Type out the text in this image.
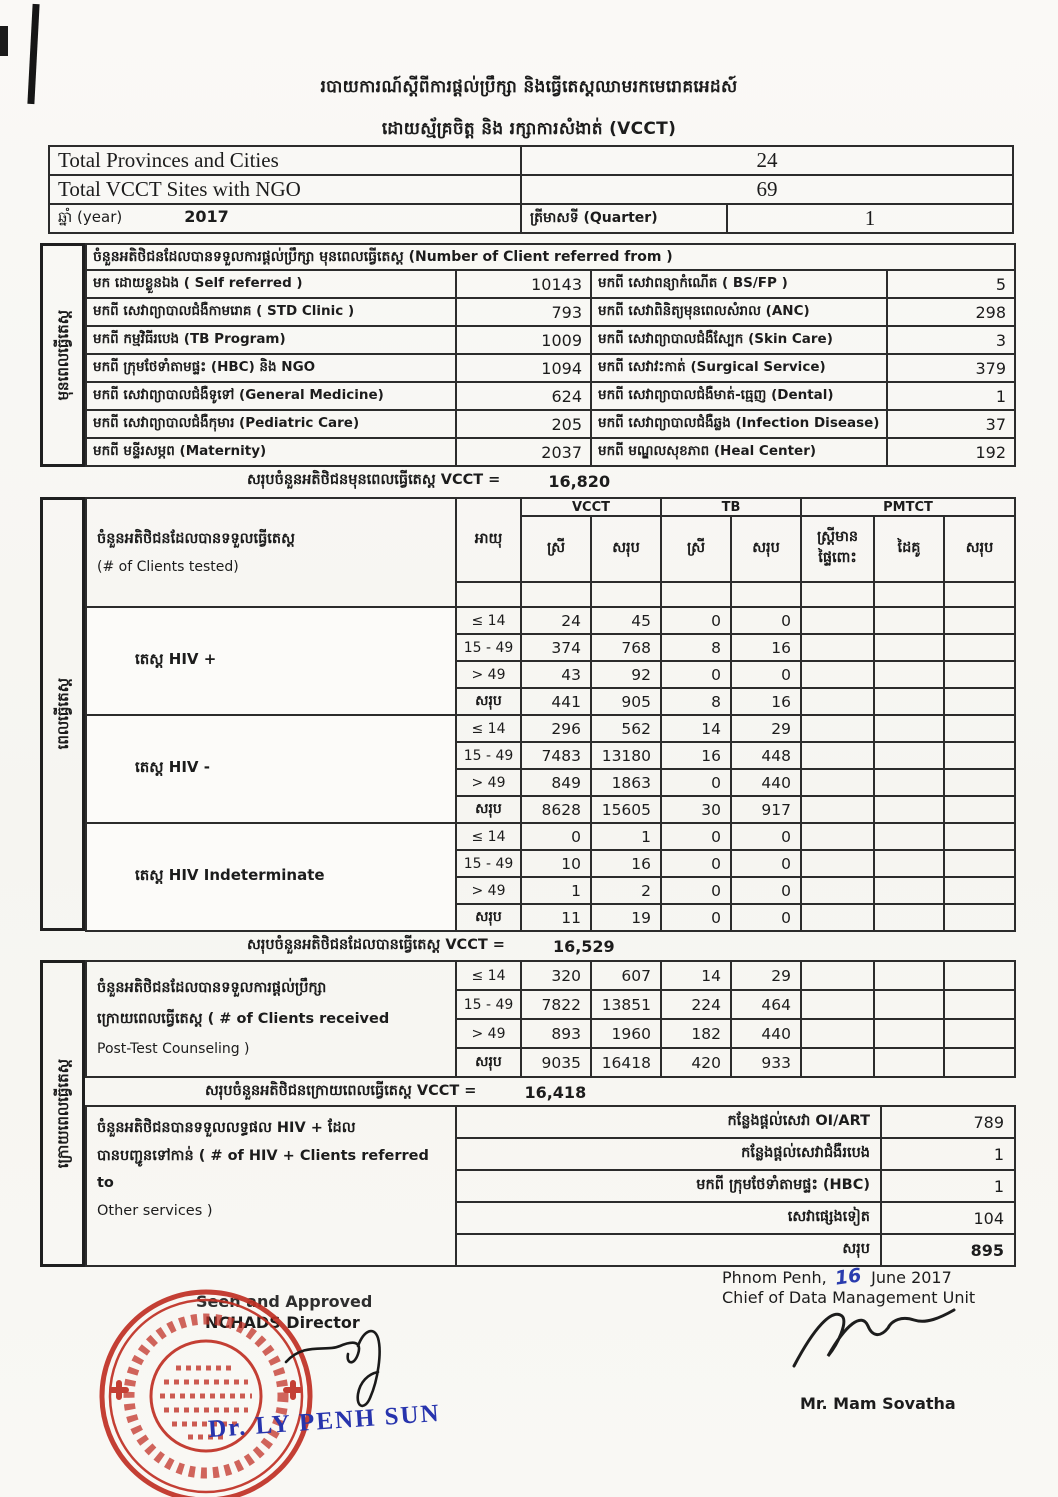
របាយការណ៍ស្តីពីការផ្តល់ប្រឹក្សា និងធ្វើតេស្តឈាមរកមេរោគអេដស៍
ដោយស្ម័គ្រចិត្ត និង រក្សាការសំងាត់ (VCCT)
Total Provinces and Cities	24	
Total VCCT Sites with NGO	69	
ឆ្នាំ (year) 2017	ត្រីមាសទី (Quarter)	1
មុនពេលធ្វើតេស្ត
ពេលធ្វើតេស្ត
ក្រោយពេលធ្វើតេស្ត
ចំនួនអតិថិជនដែលបានទទួលការផ្តល់ប្រឹក្សា មុនពេលធ្វើតេស្ត (Number of Client referred from )			
មក ដោយខ្លួនឯង ( Self referred )	10143	មកពី សេវាពន្យាកំណើត ( BS/FP )	5
មកពី សេវាព្យាបាលជំងឺកាមរោគ ( STD Clinic )	793	មកពី សេវាពិនិត្យមុនពេលសំរាល (ANC)	298
មកពី កម្មវិធីរបេង (TB Program)	1009	មកពី សេវាព្យាបាលជំងឺស្បែក (Skin Care)	3
មកពី ក្រុមថែទាំតាមផ្ទះ (HBC) និង NGO	1094	មកពី សេវាវះកាត់ (Surgical Service)	379
មកពី សេវាព្យាបាលជំងឺទូទៅ (General Medicine)	624	មកពី សេវាព្យាបាលជំងឺមាត់-ធ្មេញ (Dental)	1
មកពី សេវាព្យាបាលជំងឺកុមារ (Pediatric Care)	205	មកពី សេវាព្យាបាលជំងឺឆ្លង (Infection Disease)	37
មកពី មន្ទីរសម្ភព (Maternity)	2037	មកពី មណ្ឌលសុខភាព (Heal Center)	192
សរុបចំនួនអតិថិជនមុនពេលធ្វើតេស្ត VCCT =	16,820
ចំនួនអតិថិជនដែលបានទទួលធ្វើតេស្ត
(# of Clients tested)	អាយុ	VCCT		TB		PMTCT		
		ស្រី	សរុប	ស្រី	សរុប	ស្ត្រីមាន ផ្ទៃពោះ	ដៃគូ	សរុប

តេស្ត HIV +	≤ 14	24	45	0	0			
	15 - 49	374	768	8	16			
	> 49	43	92	0	0			
	សរុប	441	905	8	16			
តេស្ត HIV -	≤ 14	296	562	14	29			
	15 - 49	7483	13180	16	448			
	> 49	849	1863	0	440			
	សរុប	8628	15605	30	917			
តេស្ត HIV Indeterminate	≤ 14	0	1	0	0			
	15 - 49	10	16	0	0			
	> 49	1	2	0	0			
	សរុប	11	19	0	0			
សរុបចំនួនអតិថិជនដែលបានធ្វើតេស្ត VCCT =	16,529
ចំនួនអតិថិជនដែលបានទទួលការផ្តល់ប្រឹក្សា
ក្រោយពេលធ្វើតេស្ត ( # of Clients received
Post-Test Counseling )	≤ 14	320	607	14	29			
	15 - 49	7822	13851	224	464			
	> 49	893	1960	182	440			
	សរុប	9035	16418	420	933			
សរុបចំនួនអតិថិជនក្រោយពេលធ្វើតេស្ត VCCT =	16,418
ចំនួនអតិថិជនបានទទួលលទ្ធផល HIV + ដែល
បានបញ្ជូនទៅកាន់ ( # of HIV + Clients referred to
Other services )	កន្លែងផ្តល់សេវា OI/ART	789
	កន្លែងផ្តល់សេវាជំងឺរបេង	1
	មកពី ក្រុមថែទាំតាមផ្ទះ (HBC)	1
	សេវាផ្សេងទៀត	104
	សរុប	895
Phnom Penh, 16 June 2017
Chief of Data Management Unit
Mr. Mam Sovatha
Seen and Approved
NCHADS Director
Dr. LY PENH SUN
